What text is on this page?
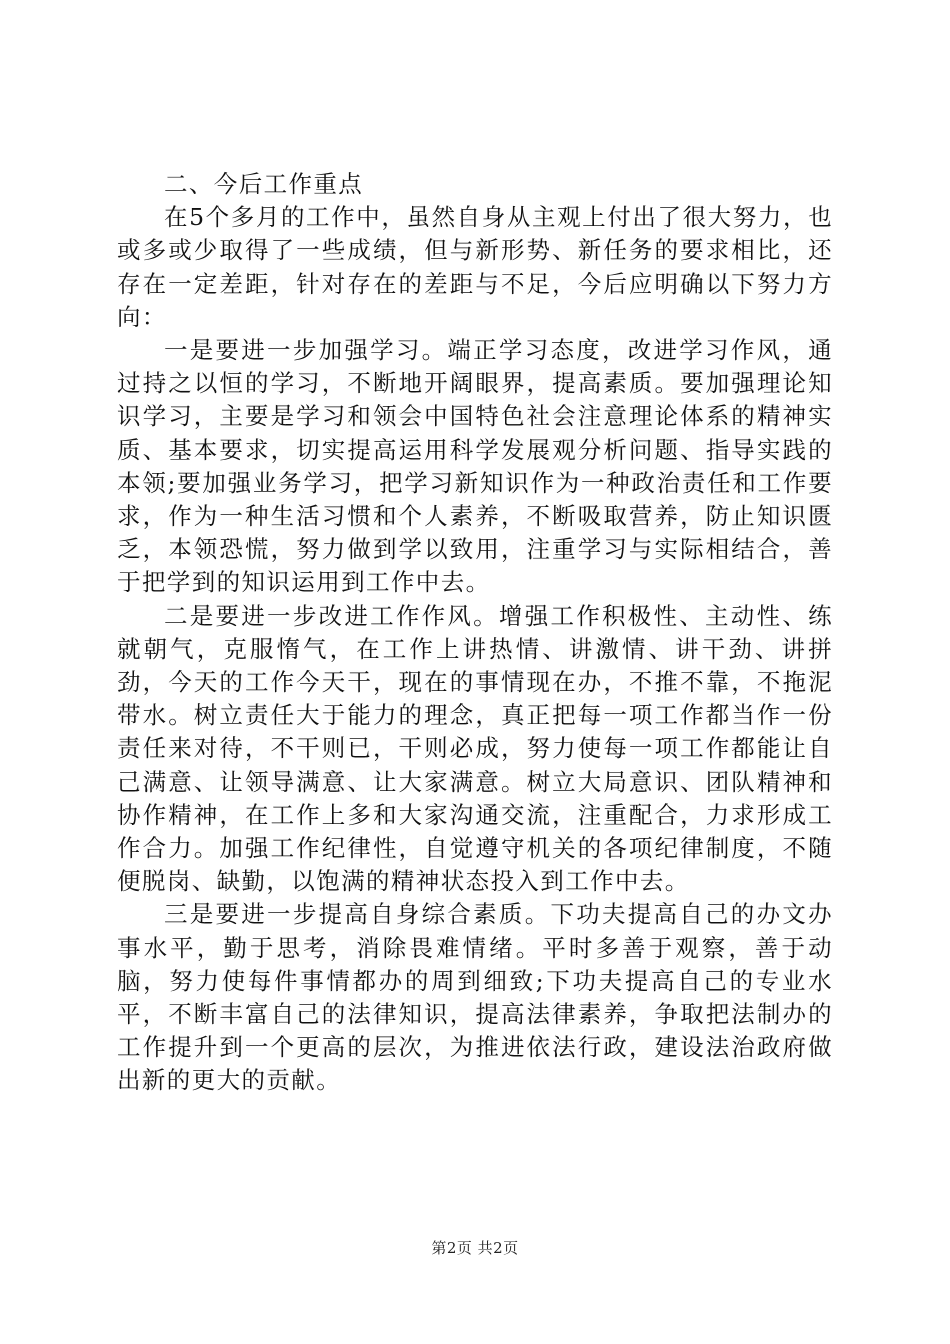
二、今后工作重点

在5个多月的工作中，虽然自身从主观上付出了很大努力，也或多或少取得了一些成绩，但与新形势、新任务的要求相比，还存在一定差距，针对存在的差距与不足，今后应明确以下努力方向：

一是要进一步加强学习。端正学习态度，改进学习作风，通过持之以恒的学习，不断地开阔眼界，提高素质。要加强理论知识学习，主要是学习和领会中国特色社会注意理论体系的精神实质、基本要求，切实提高运用科学发展观分析问题、指导实践的本领;要加强业务学习，把学习新知识作为一种政治责任和工作要求，作为一种生活习惯和个人素养，不断吸取营养，防止知识匮乏，本领恐慌，努力做到学以致用，注重学习与实际相结合，善于把学到的知识运用到工作中去。

二是要进一步改进工作作风。增强工作积极性、主动性、练就朝气，克服惰气，在工作上讲热情、讲激情、讲干劲、讲拼劲，今天的工作今天干，现在的事情现在办，不推不靠，不拖泥带水。树立责任大于能力的理念，真正把每一项工作都当作一份责任来对待，不干则已，干则必成，努力使每一项工作都能让自己满意、让领导满意、让大家满意。树立大局意识、团队精神和协作精神，在工作上多和大家沟通交流，注重配合，力求形成工作合力。加强工作纪律性，自觉遵守机关的各项纪律制度，不随便脱岗、缺勤，以饱满的精神状态投入到工作中去。

三是要进一步提高自身综合素质。下功夫提高自己的办文办事水平，勤于思考，消除畏难情绪。平时多善于观察，善于动脑，努力使每件事情都办的周到细致;下功夫提高自己的专业水平，不断丰富自己的法律知识，提高法律素养，争取把法制办的工作提升到一个更高的层次，为推进依法行政，建设法治政府做出新的更大的贡献。

第2页 共2页
